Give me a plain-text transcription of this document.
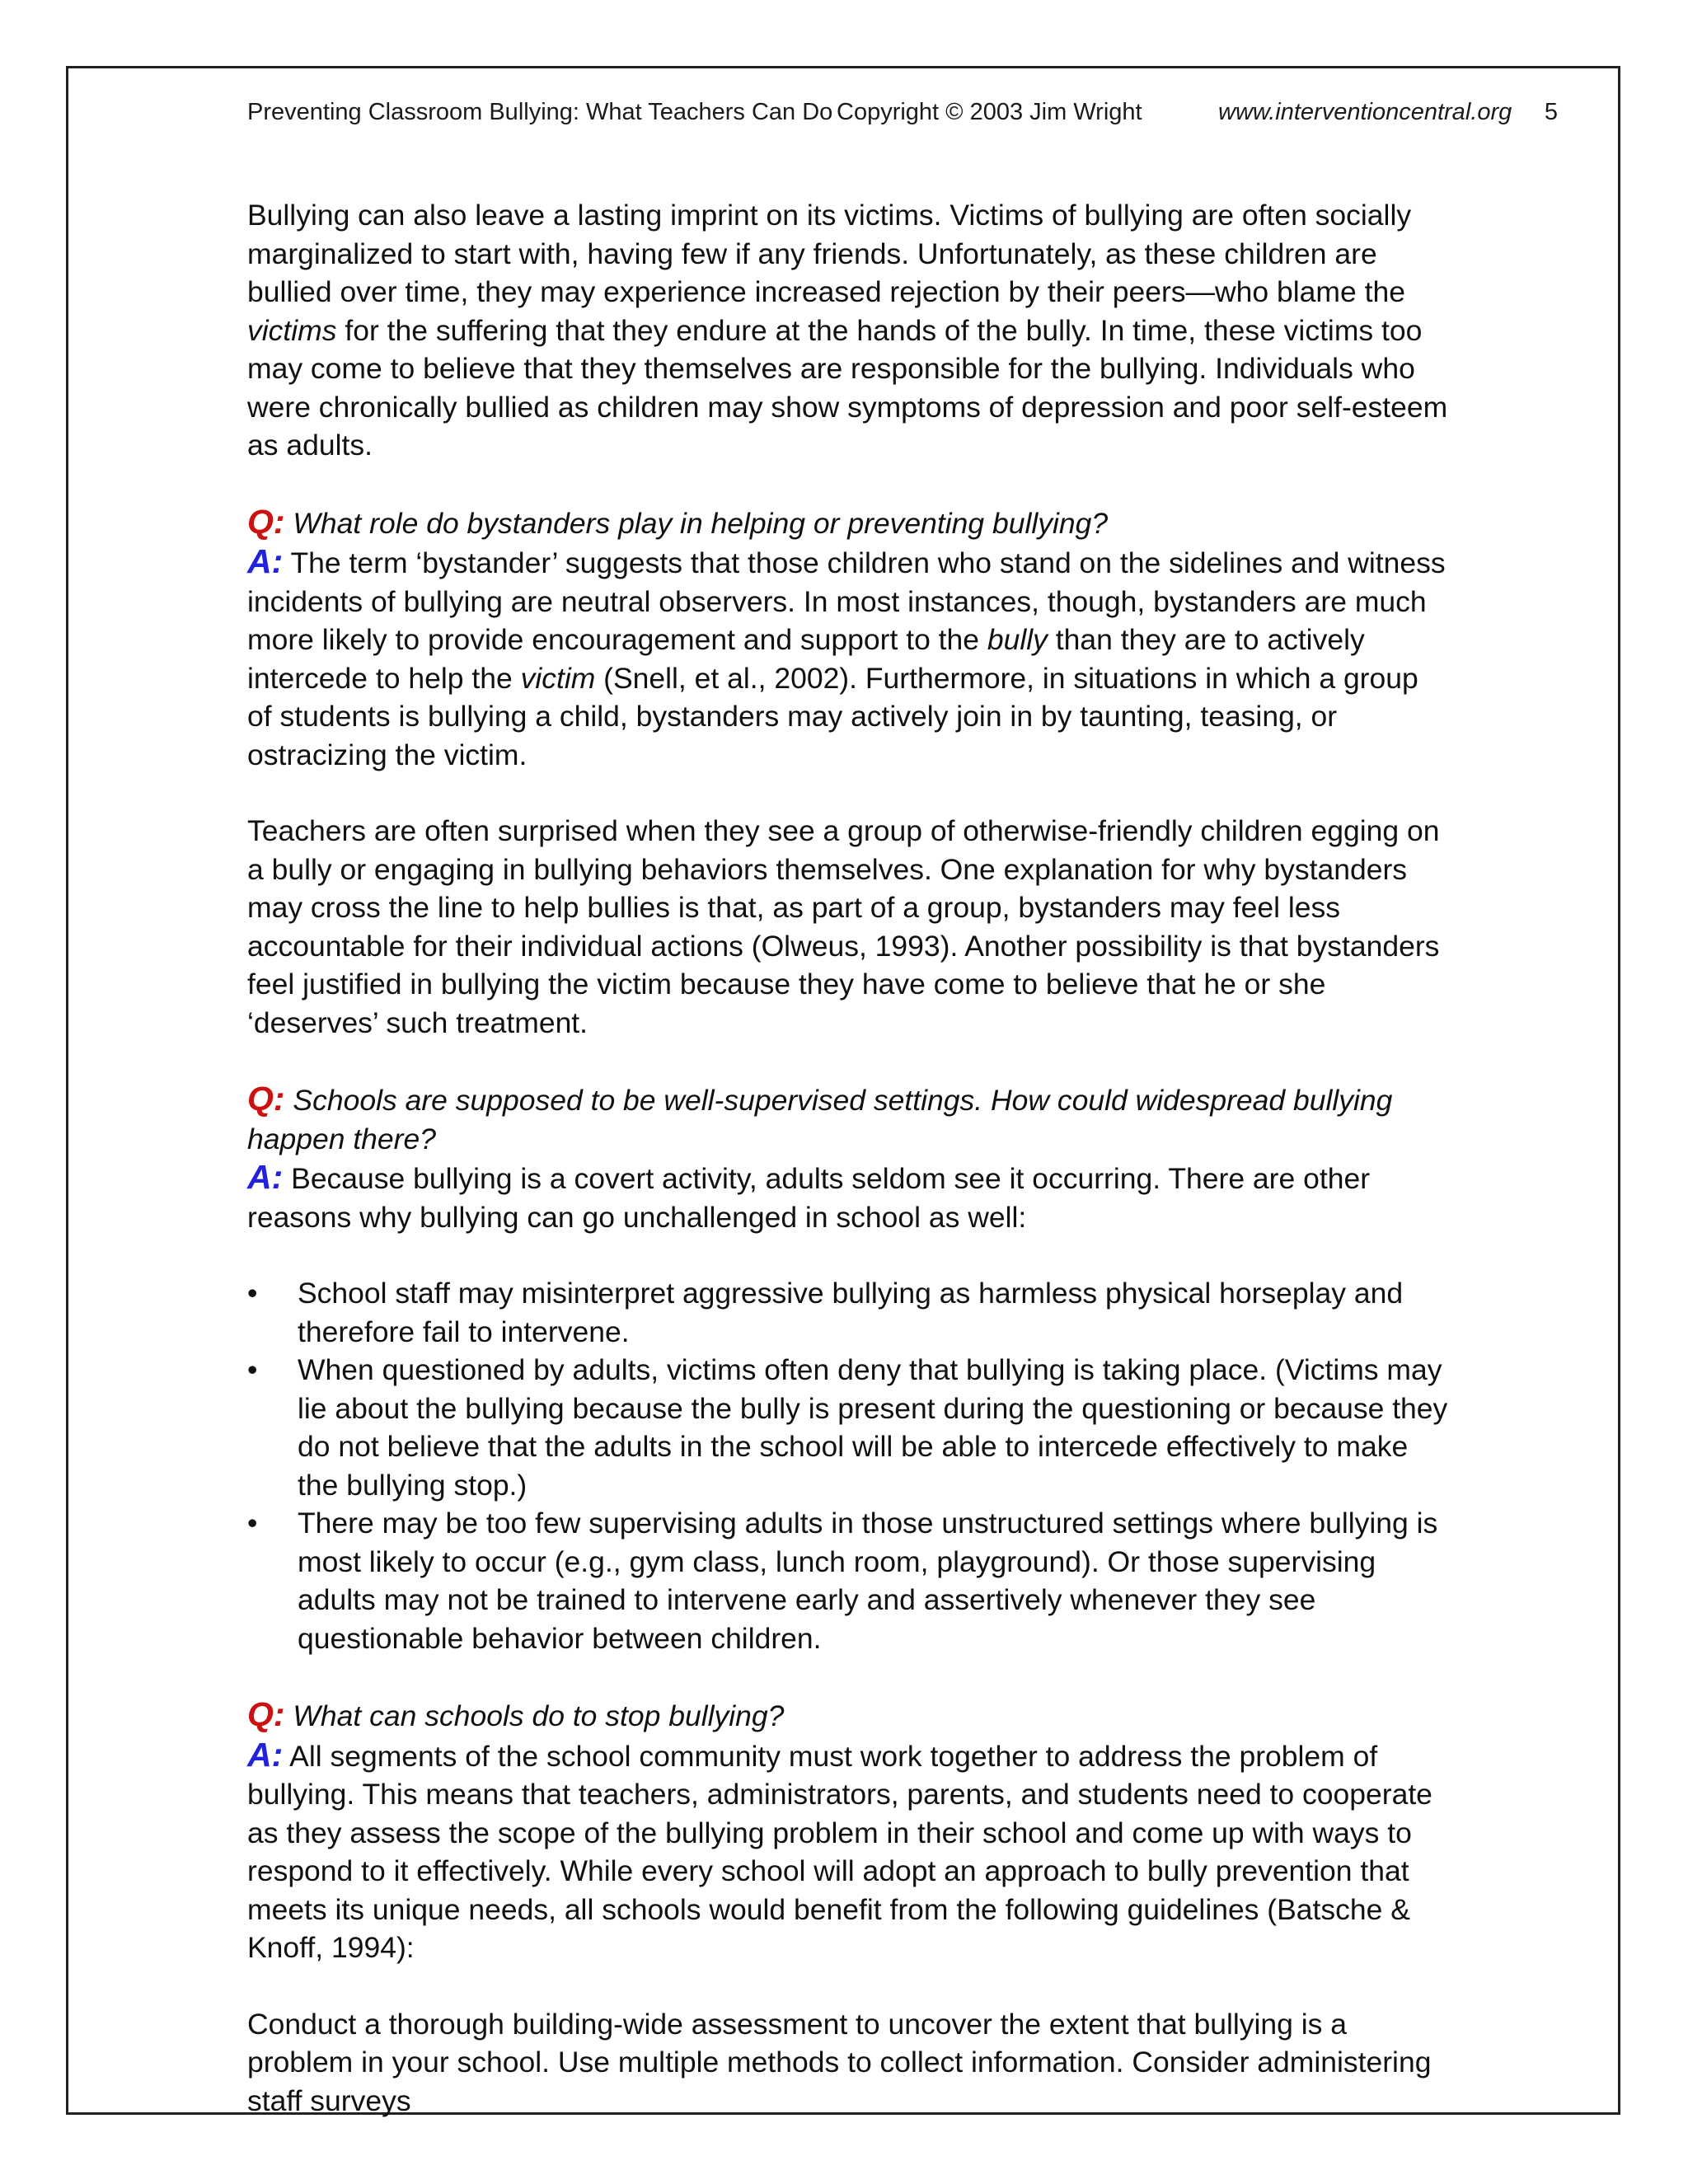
Preventing Classroom Bullying: What Teachers Can Do Copyright © 2003 Jim Wright	www.interventioncentral.org 5

Bullying can also leave a lasting imprint on its victims. Victims of bullying are often socially marginalized to start with, having few if any friends. Unfortunately, as these children are bullied over time, they may experience increased rejection by their peers—who blame the victims for the suffering that they endure at the hands of the bully. In time, these victims too may come to believe that they themselves are responsible for the bullying. Individuals who were chronically bullied as children may show symptoms of depression and poor self-esteem as adults.

Q: What role do bystanders play in helping or preventing bullying?

A: The term ‘bystander’ suggests that those children who stand on the sidelines and witness incidents of bullying are neutral observers. In most instances, though, bystanders are much more likely to provide encouragement and support to the bully than they are to actively intercede to help the victim (Snell, et al., 2002). Furthermore, in situations in which a group of students is bullying a child, bystanders may actively join in by taunting, teasing, or ostracizing the victim.

Teachers are often surprised when they see a group of otherwise-friendly children egging on a bully or engaging in bullying behaviors themselves. One explanation for why bystanders may cross the line to help bullies is that, as part of a group, bystanders may feel less accountable for their individual actions (Olweus, 1993). Another possibility is that bystanders feel justified in bullying the victim because they have come to believe that he or she ‘deserves’ such treatment.

Q: Schools are supposed to be well-supervised settings. How could widespread bullying happen there?

A: Because bullying is a covert activity, adults seldom see it occurring. There are other reasons why bullying can go unchallenged in school as well:

• School staff may misinterpret aggressive bullying as harmless physical horseplay and therefore fail to intervene.
• When questioned by adults, victims often deny that bullying is taking place. (Victims may lie about the bullying because the bully is present during the questioning or because they do not believe that the adults in the school will be able to intercede effectively to make the bullying stop.)
• There may be too few supervising adults in those unstructured settings where bullying is most likely to occur (e.g., gym class, lunch room, playground). Or those supervising adults may not be trained to intervene early and assertively whenever they see questionable behavior between children.

Q: What can schools do to stop bullying?

A: All segments of the school community must work together to address the problem of bullying. This means that teachers, administrators, parents, and students need to cooperate as they assess the scope of the bullying problem in their school and come up with ways to respond to it effectively. While every school will adopt an approach to bully prevention that meets its unique needs, all schools would benefit from the following guidelines (Batsche & Knoff, 1994):

Conduct a thorough building-wide assessment to uncover the extent that bullying is a problem in your school. Use multiple methods to collect information. Consider administering staff surveys
